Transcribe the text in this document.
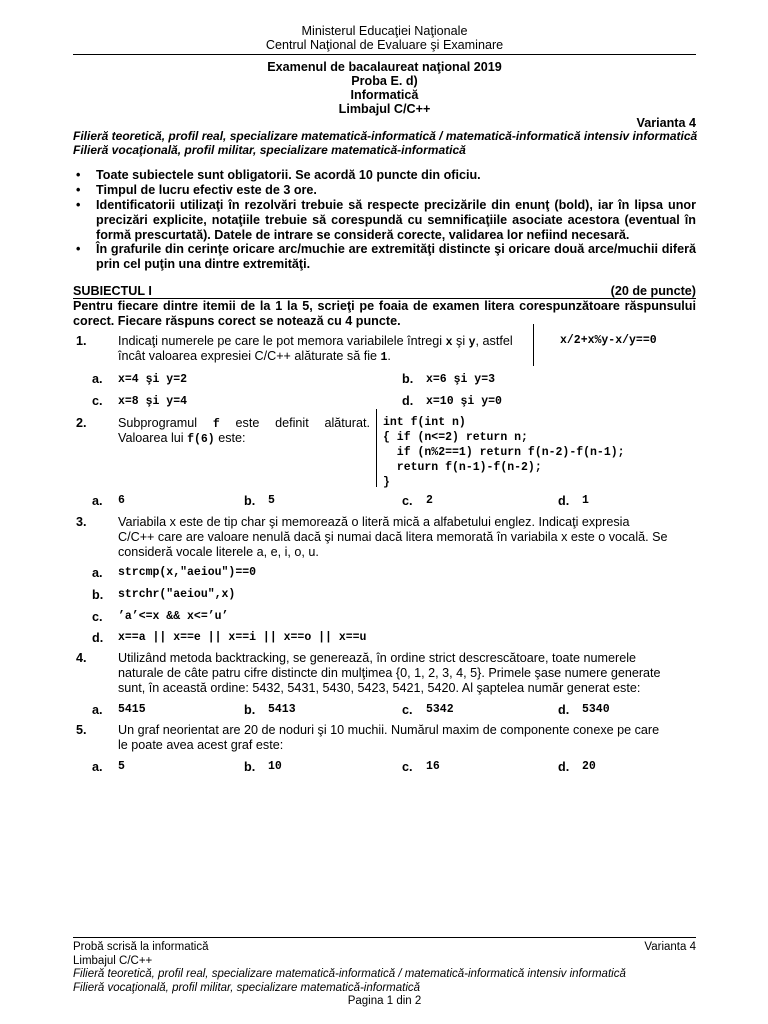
Ministerul Educaţiei Naţionale
Centrul Naţional de Evaluare şi Examinare
Examenul de bacalaureat naţional 2019
Proba E. d)
Informatică
Limbajul C/C++
Varianta 4
Filieră teoretică, profil real, specializare matematică-informatică / matematică-informatică intensiv informatică
Filieră vocaţională, profil militar, specializare matematică-informatică
• Toate subiectele sunt obligatorii. Se acordă 10 puncte din oficiu.
• Timpul de lucru efectiv este de 3 ore.
• Identificatorii utilizaţi în rezolvări trebuie să respecte precizările din enunţ (bold), iar în lipsa unor precizări explicite, notaţiile trebuie să corespundă cu semnificaţiile asociate acestora (eventual în formă prescurtată). Datele de intrare se consideră corecte, validarea lor nefiind necesară.
• În grafurile din cerinţe oricare arc/muchie are extremităţi distincte şi oricare două arce/muchii diferă prin cel puţin una dintre extremităţi.
SUBIECTUL I	(20 de puncte)
Pentru fiecare dintre itemii de la 1 la 5, scrieţi pe foaia de examen litera corespunzătoare răspunsului corect. Fiecare răspuns corect se notează cu 4 puncte.
1. Indicaţi numerele pe care le pot memora variabilele întregi x şi y, astfel
încât valoarea expresiei C/C++ alăturate să fie 1.
x/2+x%y-x/y==0
a. x=4 şi y=2	b. x=6 şi y=3
c. x=8 şi y=4	d. x=10 şi y=0
2. Subprogramul f este definit alăturat.
Valoarea lui f(6) este:
int f(int n)
{ if (n<=2) return n;
if (n%2==1) return f(n-2)-f(n-1);
return f(n-1)-f(n-2);
}
a. 6	b. 5	c. 2	d. 1
3. Variabila x este de tip char şi memorează o literă mică a alfabetului englez. Indicaţi expresia
C/C++ care are valoare nenulă dacă şi numai dacă litera memorată în variabila x este o vocală. Se
consideră vocale literele a, e, i, o, u.
a. strcmp(x,"aeiou")==0
b. strchr("aeiou",x)
c. ’a’<=x && x<=’u’
d. x==a || x==e || x==i || x==o || x==u
4. Utilizând metoda backtracking, se generează, în ordine strict descrescătoare, toate numerele
naturale de câte patru cifre distincte din mulţimea {0, 1, 2, 3, 4, 5}. Primele şase numere generate
sunt, în această ordine: 5432, 5431, 5430, 5423, 5421, 5420. Al şaptelea număr generat este:
a. 5415	b. 5413	c. 5342	d. 5340
5. Un graf neorientat are 20 de noduri şi 10 muchii. Numărul maxim de componente conexe pe care
le poate avea acest graf este:
a. 5	b. 10	c. 16	d. 20
Probă scrisă la informatică	Varianta 4
Limbajul C/C++
Filieră teoretică, profil real, specializare matematică-informatică / matematică-informatică intensiv informatică
Filieră vocaţională, profil militar, specializare matematică-informatică
Pagina 1 din 2
